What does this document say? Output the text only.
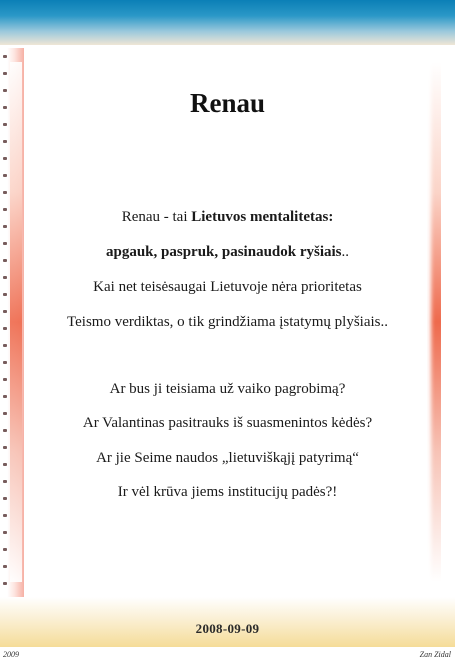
Renau
Renau - tai Lietuvos mentalitetas:
apgauk, paspruk, pasinaudok ryšiais..
Kai net teisėsaugai Lietuvoje nėra prioritetas
Teismo verdiktas, o tik grindžiama įstatymų plyšiais..
Ar bus ji teisiama už vaiko pagrobimą?
Ar Valantinas pasitrauks iš suasmenintos kėdės?
Ar jie Seime naudos „lietuviškąjį patyrimą“
Ir vėl krūva jiems institucijų padės?!
2008-09-09
2009	Zan Zidal
